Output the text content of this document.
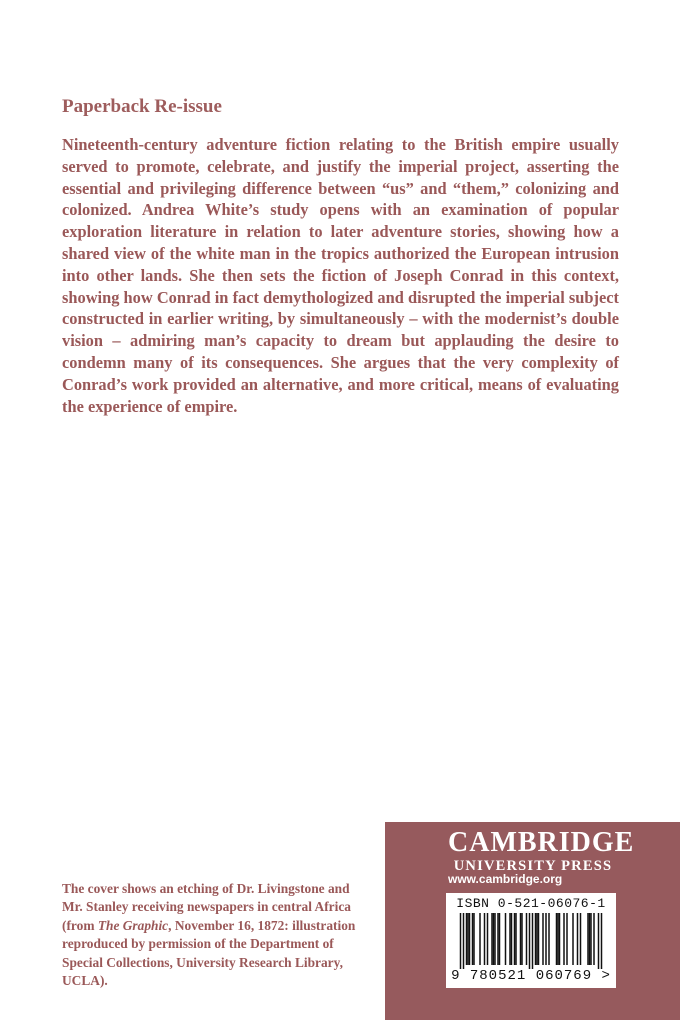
Paperback Re-issue
Nineteenth-century adventure fiction relating to the British empire usually served to promote, celebrate, and justify the imperial project, asserting the essential and privileging difference between “us” and “them,” colonizing and colonized. Andrea White’s study opens with an examination of popular exploration literature in relation to later adventure stories, showing how a shared view of the white man in the tropics authorized the European intrusion into other lands. She then sets the fiction of Joseph Conrad in this context, showing how Conrad in fact demythologized and disrupted the imperial subject constructed in earlier writing, by simultaneously – with the modernist’s double vision – admiring man’s capacity to dream but applauding the desire to condemn many of its consequences. She argues that the very complexity of Conrad’s work provided an alternative, and more critical, means of evaluating the experience of empire.
The cover shows an etching of Dr. Livingstone and Mr. Stanley receiving newspapers in central Africa (from The Graphic, November 16, 1872: illustration reproduced by permission of the Department of Special Collections, University Research Library, UCLA).
CAMBRIDGE
UNIVERSITY PRESS
www.cambridge.org
ISBN 0-521-06076-1
9 780521 060769 >
